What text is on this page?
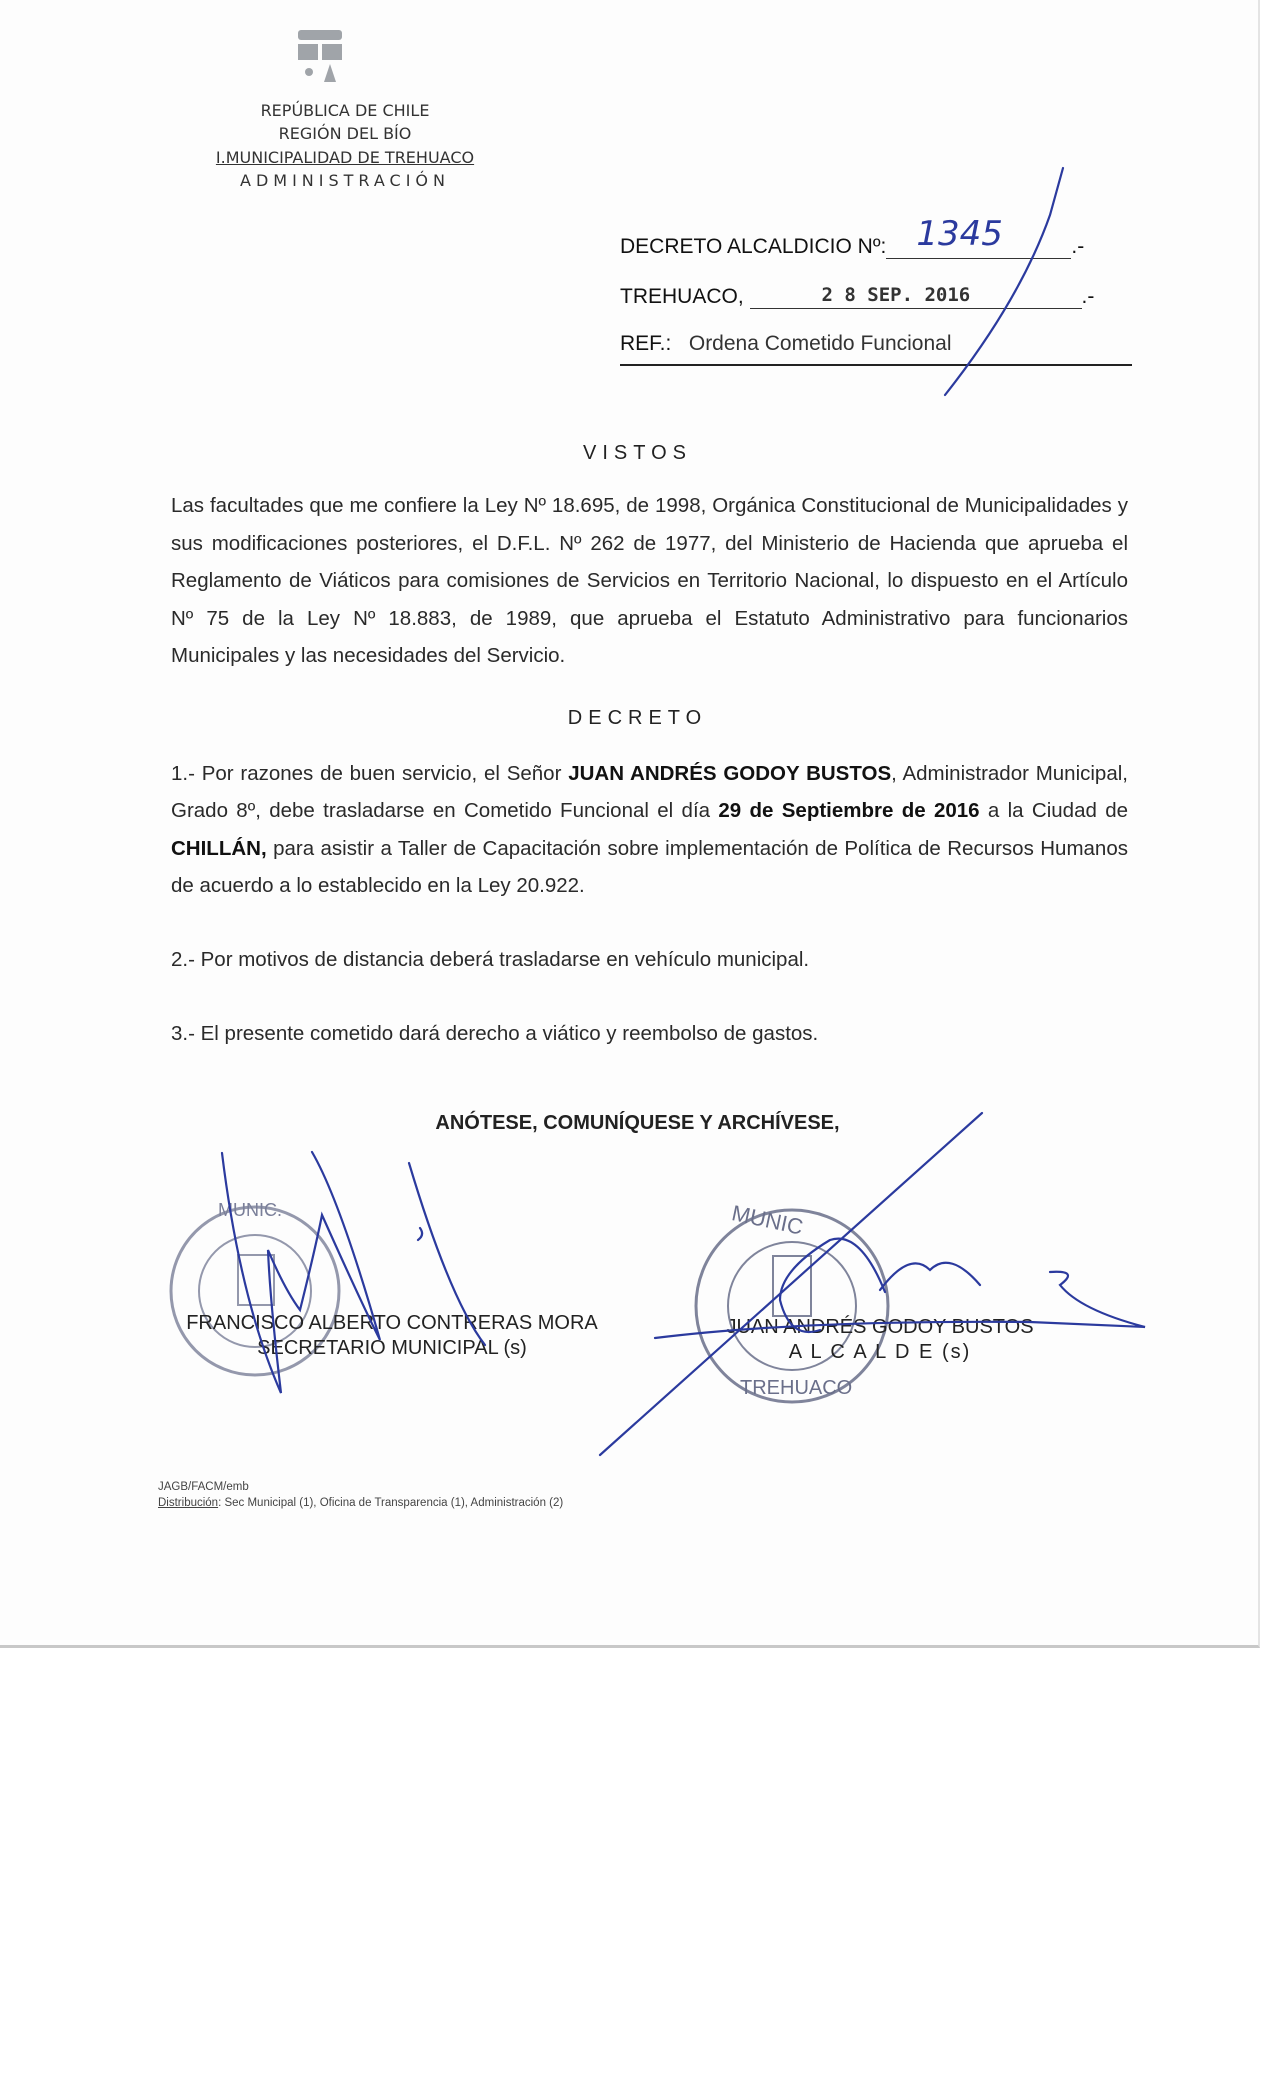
REPÚBLICA DE CHILE
REGIÓN DEL BÍO
I.MUNICIPALIDAD DE TREHUACO
ADMINISTRACIÓN
DECRETO ALCALDICIO Nº: 1345	.-
TREHUACO,	2 8 SEP. 2016	.-
REF.: Ordena Cometido Funcional
VISTOS
Las facultades que me confiere la Ley Nº 18.695, de 1998, Orgánica Constitucional de Municipalidades y sus modificaciones posteriores, el D.F.L. Nº 262 de 1977, del Ministerio de Hacienda que aprueba el Reglamento de Viáticos para comisiones de Servicios en Territorio Nacional, lo dispuesto en el Artículo Nº 75 de la Ley Nº 18.883, de 1989, que aprueba el Estatuto Administrativo para funcionarios Municipales y las necesidades del Servicio.
DECRETO
1.- Por razones de buen servicio, el Señor JUAN ANDRÉS GODOY BUSTOS, Administrador Municipal, Grado 8º, debe trasladarse en Cometido Funcional el día 29 de Septiembre de 2016 a la Ciudad de CHILLÁN, para asistir a Taller de Capacitación sobre implementación de Política de Recursos Humanos de acuerdo a lo establecido en la Ley 20.922.
2.- Por motivos de distancia deberá trasladarse en vehículo municipal.
3.- El presente cometido dará derecho a viático y reembolso de gastos.
ANÓTESE, COMUNÍQUESE Y ARCHÍVESE,
TREHUACO
MUNIC.	MUNIC
FRANCISCO ALBERTO CONTRERAS MORA
SECRETARIO MUNICIPAL (s)
JUAN ANDRÉS GODOY BUSTOS
A L C A L D E (s)
JAGB/FACM/emb
Distribución: Sec Municipal (1), Oficina de Transparencia (1), Administración (2)
